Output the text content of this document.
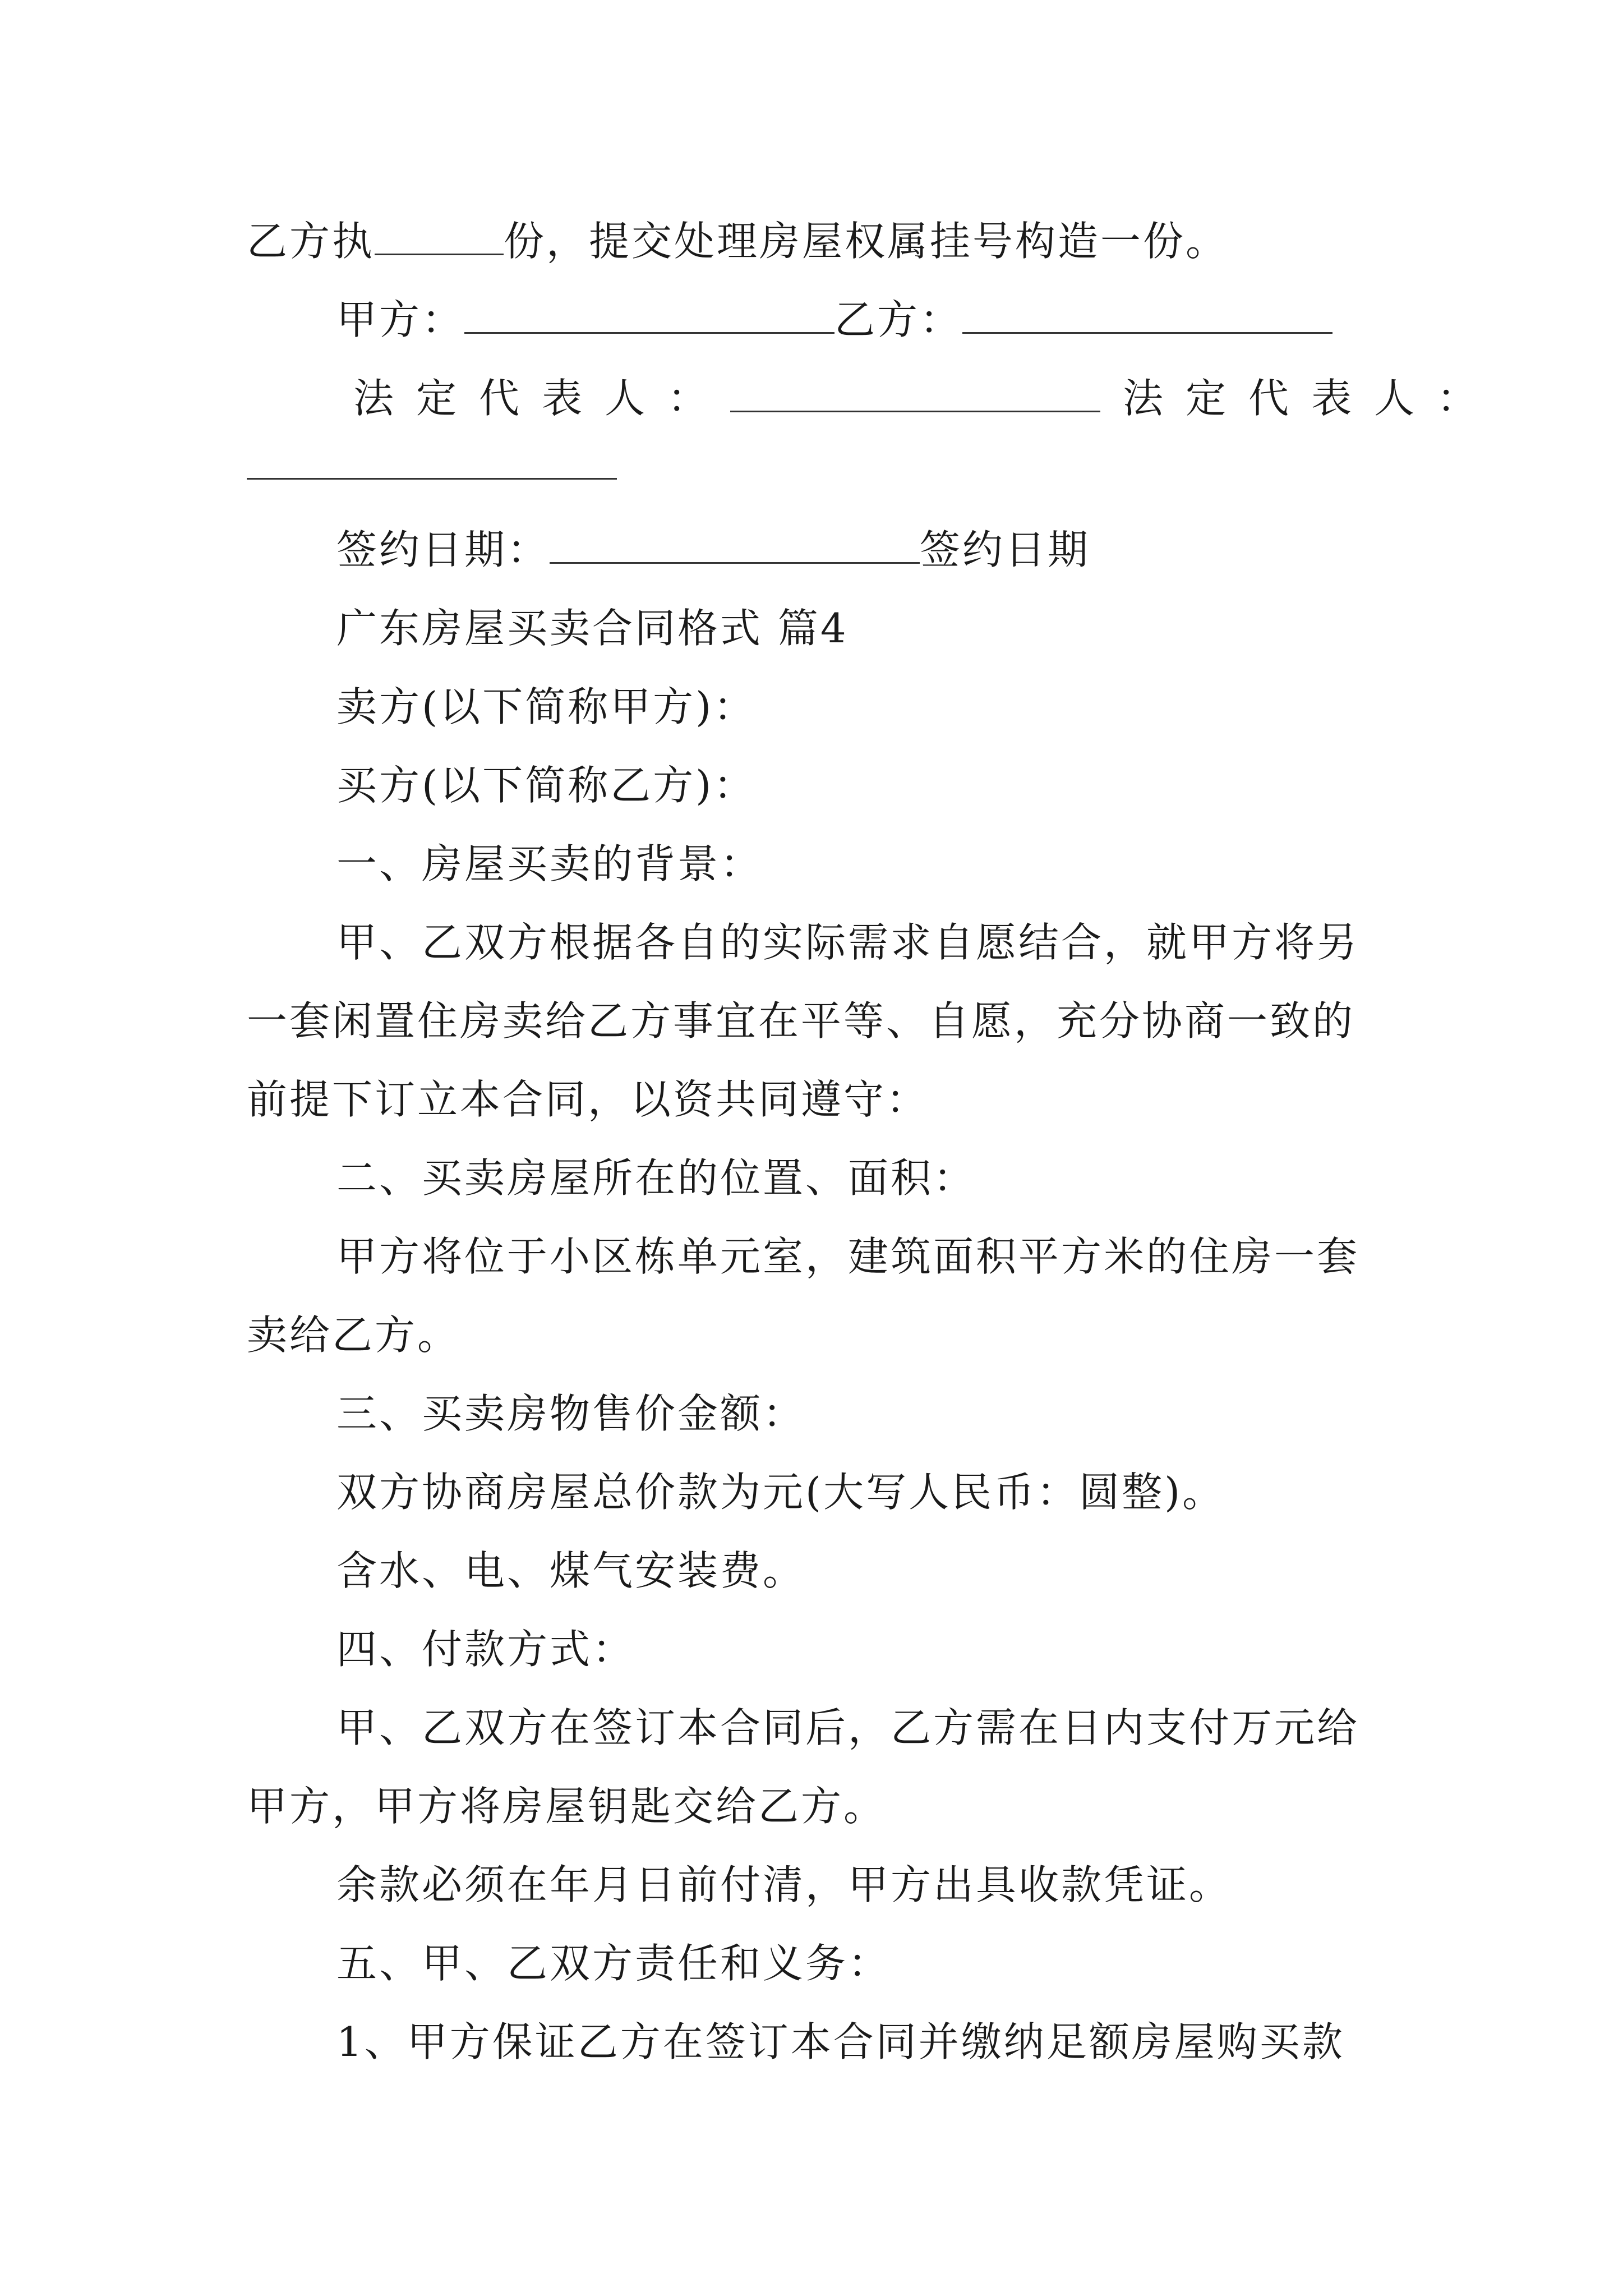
乙方执	份，提交处理房屋权属挂号构造一份。
甲方：	乙方：
法定代表人：	法定代表人：
签约日期：	签约日期
广东房屋买卖合同格式 篇4
卖方(以下简称甲方)：
买方(以下简称乙方)：
一、房屋买卖的背景：
甲、乙双方根据各自的实际需求自愿结合，就甲方将另
一套闲置住房卖给乙方事宜在平等、自愿，充分协商一致的
前提下订立本合同，以资共同遵守：
二、买卖房屋所在的位置、面积：
甲方将位于小区栋单元室，建筑面积平方米的住房一套
卖给乙方。
三、买卖房物售价金额：
双方协商房屋总价款为元(大写人民币：圆整)。
含水、电、煤气安装费。
四、付款方式：
甲、乙双方在签订本合同后，乙方需在日内支付万元给
甲方，甲方将房屋钥匙交给乙方。
余款必须在年月日前付清，甲方出具收款凭证。
五、甲、乙双方责任和义务：
1、甲方保证乙方在签订本合同并缴纳足额房屋购买款
